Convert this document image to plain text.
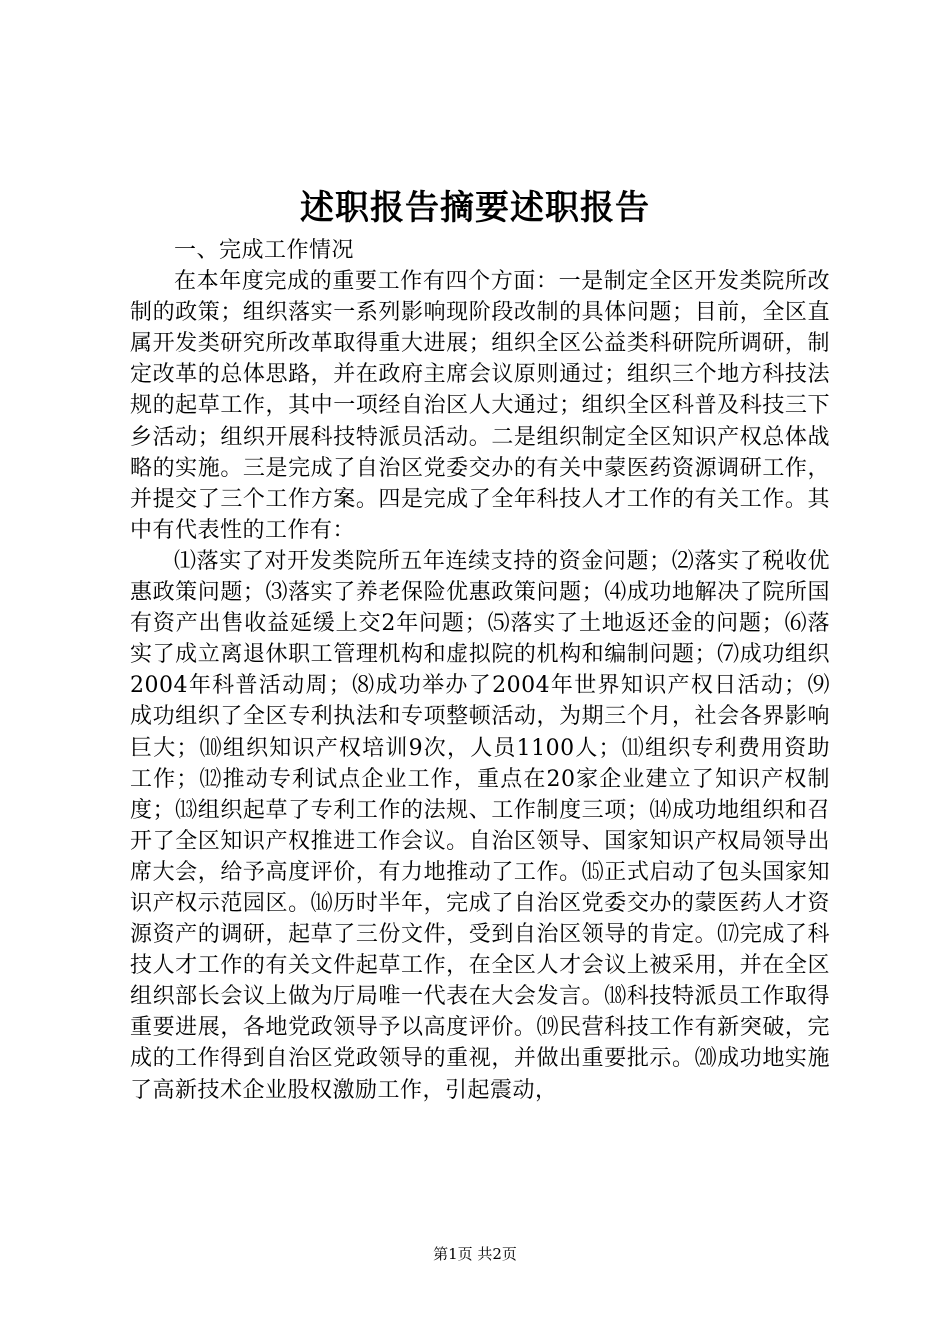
述职报告摘要述职报告

一、完成工作情况

在本年度完成的重要工作有四个方面：一是制定全区开发类院所改制的政策；组织落实一系列影响现阶段改制的具体问题；目前，全区直属开发类研究所改革取得重大进展；组织全区公益类科研院所调研，制定改革的总体思路，并在政府主席会议原则通过；组织三个地方科技法规的起草工作，其中一项经自治区人大通过；组织全区科普及科技三下乡活动；组织开展科技特派员活动。二是组织制定全区知识产权总体战略的实施。三是完成了自治区党委交办的有关中蒙医药资源调研工作，并提交了三个工作方案。四是完成了全年科技人才工作的有关工作。其中有代表性的工作有：

⑴落实了对开发类院所五年连续支持的资金问题；⑵落实了税收优惠政策问题；⑶落实了养老保险优惠政策问题；⑷成功地解决了院所国有资产出售收益延缓上交2年问题；⑸落实了土地返还金的问题；⑹落实了成立离退休职工管理机构和虚拟院的机构和编制问题；⑺成功组织2004年科普活动周；⑻成功举办了2004年世界知识产权日活动；⑼成功组织了全区专利执法和专项整顿活动，为期三个月，社会各界影响巨大；⑽组织知识产权培训9次，人员1100人；⑾组织专利费用资助工作；⑿推动专利试点企业工作，重点在20家企业建立了知识产权制度；⒀组织起草了专利工作的法规、工作制度三项；⒁成功地组织和召开了全区知识产权推进工作会议。自治区领导、国家知识产权局领导出席大会，给予高度评价，有力地推动了工作。⒂正式启动了包头国家知识产权示范园区。⒃历时半年，完成了自治区党委交办的蒙医药人才资源资产的调研，起草了三份文件，受到自治区领导的肯定。⒄完成了科技人才工作的有关文件起草工作，在全区人才会议上被采用，并在全区组织部长会议上做为厅局唯一代表在大会发言。⒅科技特派员工作取得重要进展，各地党政领导予以高度评价。⒆民营科技工作有新突破，完成的工作得到自治区党政领导的重视，并做出重要批示。⒇成功地实施了高新技术企业股权激励工作，引起震动，

第1页 共2页
